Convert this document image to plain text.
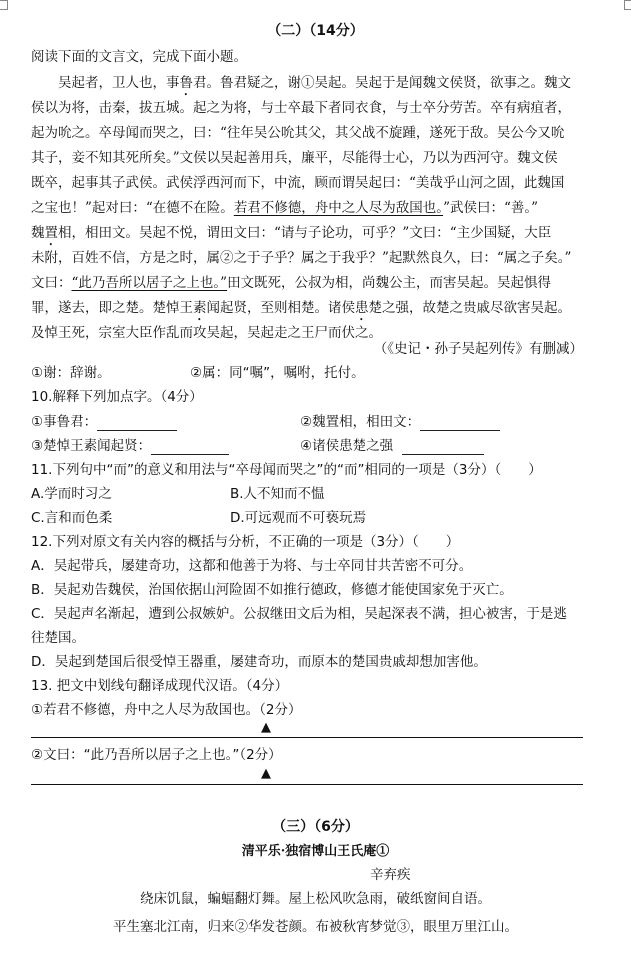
（二）（14分）
阅读下面的文言文，完成下面小题。
吴起者，卫人也，事鲁君。鲁君疑之，谢①吴起。吴起于是闻魏文侯贤，欲事之。魏文
侯以为将，击秦，拔五城。起之为将，与士卒最下者同衣食，与士卒分劳苦。卒有病疽者，
起为吮之。卒母闻而哭之，曰：“往年吴公吮其父，其父战不旋踵，遂死于敌。吴公今又吮
其子，妾不知其死所矣。”文侯以吴起善用兵，廉平，尽能得士心，乃以为西河守。魏文侯
既卒，起事其子武侯。武侯浮西河而下，中流，顾而谓吴起曰：“美哉乎山河之固，此魏国
之宝也！”起对曰：“在德不在险。若君不修德，舟中之人尽为敌国也。”武侯曰：“善。”
魏置相，相田文。吴起不悦，谓田文曰：“请与子论功，可乎？”文曰：“主少国疑，大臣
未附，百姓不信，方是之时，属②之于子乎？属之于我乎？”起默然良久，曰：“属之子矣。”
文曰：“此乃吾所以居子之上也。”田文既死，公叔为相，尚魏公主，而害吴起。吴起惧得
罪，遂去，即之楚。楚悼王素闻起贤，至则相楚。诸侯患楚之强，故楚之贵戚尽欲害吴起。
及悼王死，宗室大臣作乱而攻吴起，吴起走之王尸而伏之。
（《史记・孙子吴起列传》有删减）
①谢：辞谢。	②属：同“嘱”，嘱咐，托付。
10.解释下列加点字。（4分）
①事鲁君：	②魏置相，相田文：
③楚悼王素闻起贤：	④诸侯患楚之强
11.下列句中“而”的意义和用法与“卒母闻而哭之”的“而”相同的一项是（3分）（　　）
A.学而时习之	B.人不知而不愠
C.言和而色柔	D.可远观而不可亵玩焉
12.下列对原文有关内容的概括与分析，不正确的一项是（3分）（　　）
A．吴起带兵，屡建奇功，这都和他善于为将、与士卒同甘共苦密不可分。
B．吴起劝告魏侯，治国依据山河险固不如推行德政，修德才能使国家免于灭亡。
C．吴起声名渐起，遭到公叔嫉妒。公叔继田文后为相，吴起深表不满，担心被害，于是逃
往楚国。
D．吴起到楚国后很受悼王器重，屡建奇功，而原本的楚国贵戚却想加害他。
13. 把文中划线句翻译成现代汉语。（4分）
①若君不修德，舟中之人尽为敌国也。（2分）
▲
②文曰：“此乃吾所以居子之上也。”（2分）
▲
（三）（6分）
清平乐·独宿博山王氏庵①
辛弃疾
绕床饥鼠，蝙蝠翻灯舞。屋上松风吹急雨，破纸窗间自语。
平生塞北江南，归来②华发苍颜。布被秋宵梦觉③，眼里万里江山。
